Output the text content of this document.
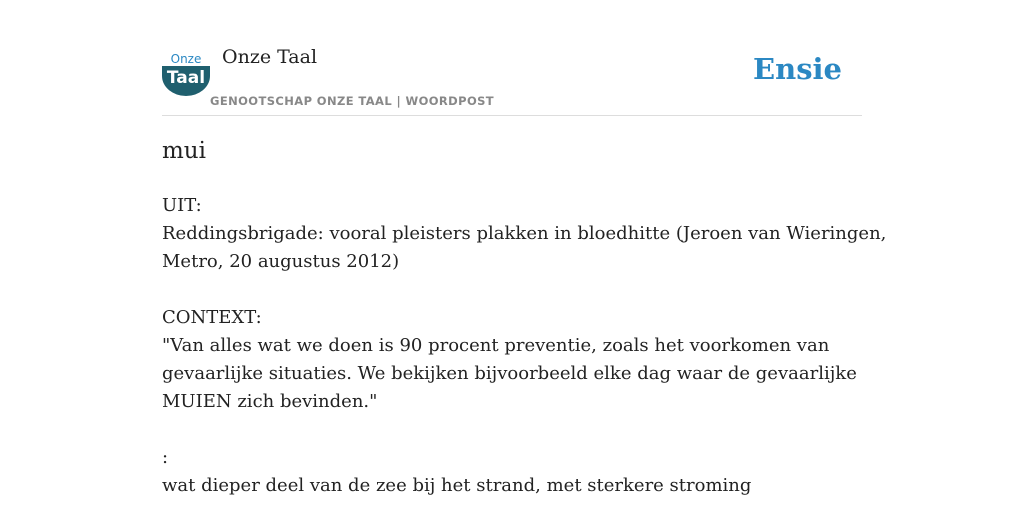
Onze
Taal
Onze Taal
GENOOTSCHAP ONZE TAAL | WOORDPOST
Ensie
mui
UIT:
Reddingsbrigade: vooral pleisters plakken in bloedhitte (Jeroen van Wieringen,
Metro, 20 augustus 2012)
CONTEXT:
"Van alles wat we doen is 90 procent preventie, zoals het voorkomen van
gevaarlijke situaties. We bekijken bijvoorbeeld elke dag waar de gevaarlijke
MUIEN zich bevinden."
:
wat dieper deel van de zee bij het strand, met sterkere stroming
